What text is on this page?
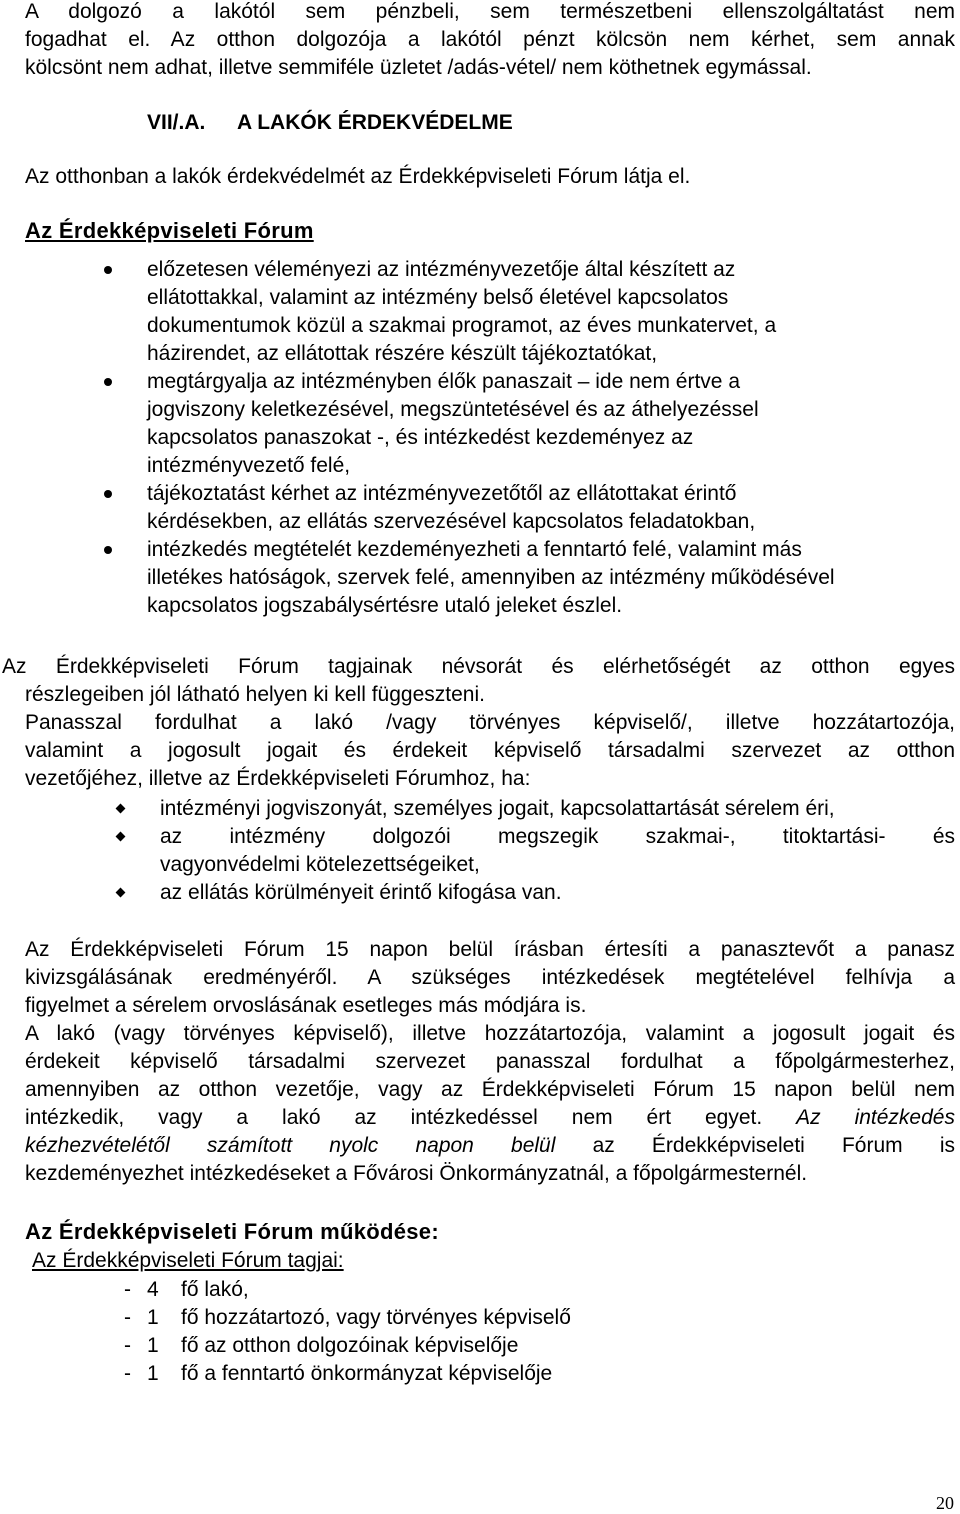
A dolgozó a lakótól sem pénzbeli, sem természetbeni ellenszolgáltatást nem
fogadhat el. Az otthon dolgozója a lakótól pénzt kölcsön nem kérhet, sem annak
kölcsönt nem adhat, illetve semmiféle üzletet /adás-vétel/ nem köthetnek egymással.
VII/.A. A LAKÓK ÉRDEKVÉDELME
Az otthonban a lakók érdekvédelmét az Érdekképviseleti Fórum látja el.
Az Érdekképviseleti Fórum
előzetesen véleményezi az intézményvezetője által készített az
ellátottakkal, valamint az intézmény belső életével kapcsolatos
dokumentumok közül a szakmai programot, az éves munkatervet, a
házirendet, az ellátottak részére készült tájékoztatókat,
megtárgyalja az intézményben élők panaszait – ide nem értve a
jogviszony keletkezésével, megszüntetésével és az áthelyezéssel
kapcsolatos panaszokat -, és intézkedést kezdeményez az
intézményvezető felé,
tájékoztatást kérhet az intézményvezetőtől az ellátottakat érintő
kérdésekben, az ellátás szervezésével kapcsolatos feladatokban,
intézkedés megtételét kezdeményezheti a fenntartó felé, valamint más
illetékes hatóságok, szervek felé, amennyiben az intézmény működésével
kapcsolatos jogszabálysértésre utaló jeleket észlel.
Az Érdekképviseleti Fórum tagjainak névsorát és elérhetőségét az otthon egyes
részlegeiben jól látható helyen ki kell függeszteni.
Panasszal fordulhat a lakó /vagy törvényes képviselő/, illetve hozzátartozója,
valamint a jogosult jogait és érdekeit képviselő társadalmi szervezet az otthon
vezetőjéhez, illetve az Érdekképviseleti Fórumhoz, ha:
intézményi jogviszonyát, személyes jogait, kapcsolattartását sérelem éri,
az intézmény dolgozói megszegik szakmai-, titoktartási- és
vagyonvédelmi kötelezettségeiket,
az ellátás körülményeit érintő kifogása van.
Az Érdekképviseleti Fórum 15 napon belül írásban értesíti a panasztevőt a panasz
kivizsgálásának eredményéről. A szükséges intézkedések megtételével felhívja a
figyelmet a sérelem orvoslásának esetleges más módjára is.
A lakó (vagy törvényes képviselő), illetve hozzátartozója, valamint a jogosult jogait és
érdekeit képviselő társadalmi szervezet panasszal fordulhat a főpolgármesterhez,
amennyiben az otthon vezetője, vagy az Érdekképviseleti Fórum 15 napon belül nem
intézkedik, vagy a lakó az intézkedéssel nem ért egyet. Az intézkedés
kézhezvételétől számított nyolc napon belül az Érdekképviseleti Fórum is
kezdeményezhet intézkedéseket a Fővárosi Önkormányzatnál, a főpolgármesternél.
Az Érdekképviseleti Fórum működése:
Az Érdekképviseleti Fórum tagjai:
- 4 fő lakó,
- 1 fő hozzátartozó, vagy törvényes képviselő
- 1 fő az otthon dolgozóinak képviselője
- 1 fő a fenntartó önkormányzat képviselője
20
